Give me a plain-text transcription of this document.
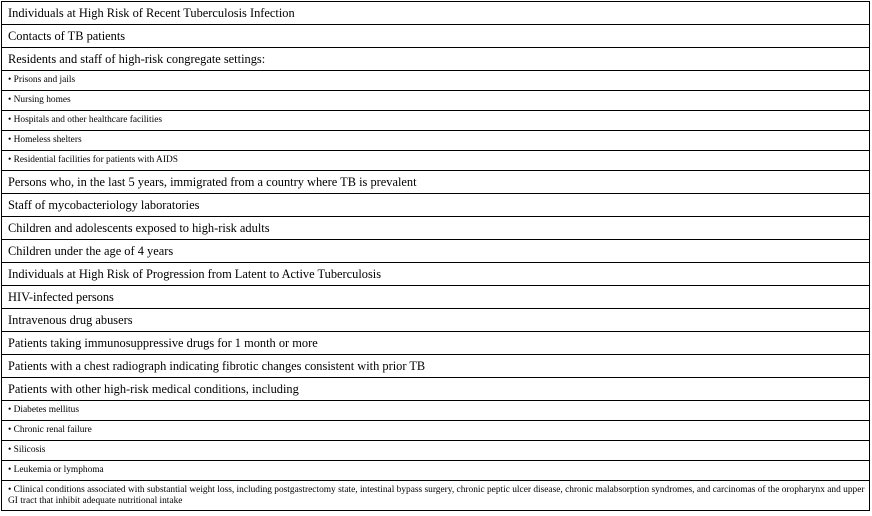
Individuals at High Risk of Recent Tuberculosis Infection
Contacts of TB patients
Residents and staff of high-risk congregate settings:
• Prisons and jails
• Nursing homes
• Hospitals and other healthcare facilities
• Homeless shelters
• Residential facilities for patients with AIDS
Persons who, in the last 5 years, immigrated from a country where TB is prevalent
Staff of mycobacteriology laboratories
Children and adolescents exposed to high-risk adults
Children under the age of 4 years
Individuals at High Risk of Progression from Latent to Active Tuberculosis
HIV-infected persons
Intravenous drug abusers
Patients taking immunosuppressive drugs for 1 month or more
Patients with a chest radiograph indicating fibrotic changes consistent with prior TB
Patients with other high-risk medical conditions, including
• Diabetes mellitus
• Chronic renal failure
• Silicosis
• Leukemia or lymphoma
• Clinical conditions associated with substantial weight loss, including postgastrectomy state, intestinal bypass surgery, chronic peptic ulcer disease, chronic malabsorption syndromes, and carcinomas of the oropharynx and upper GI tract that inhibit adequate nutritional intake
